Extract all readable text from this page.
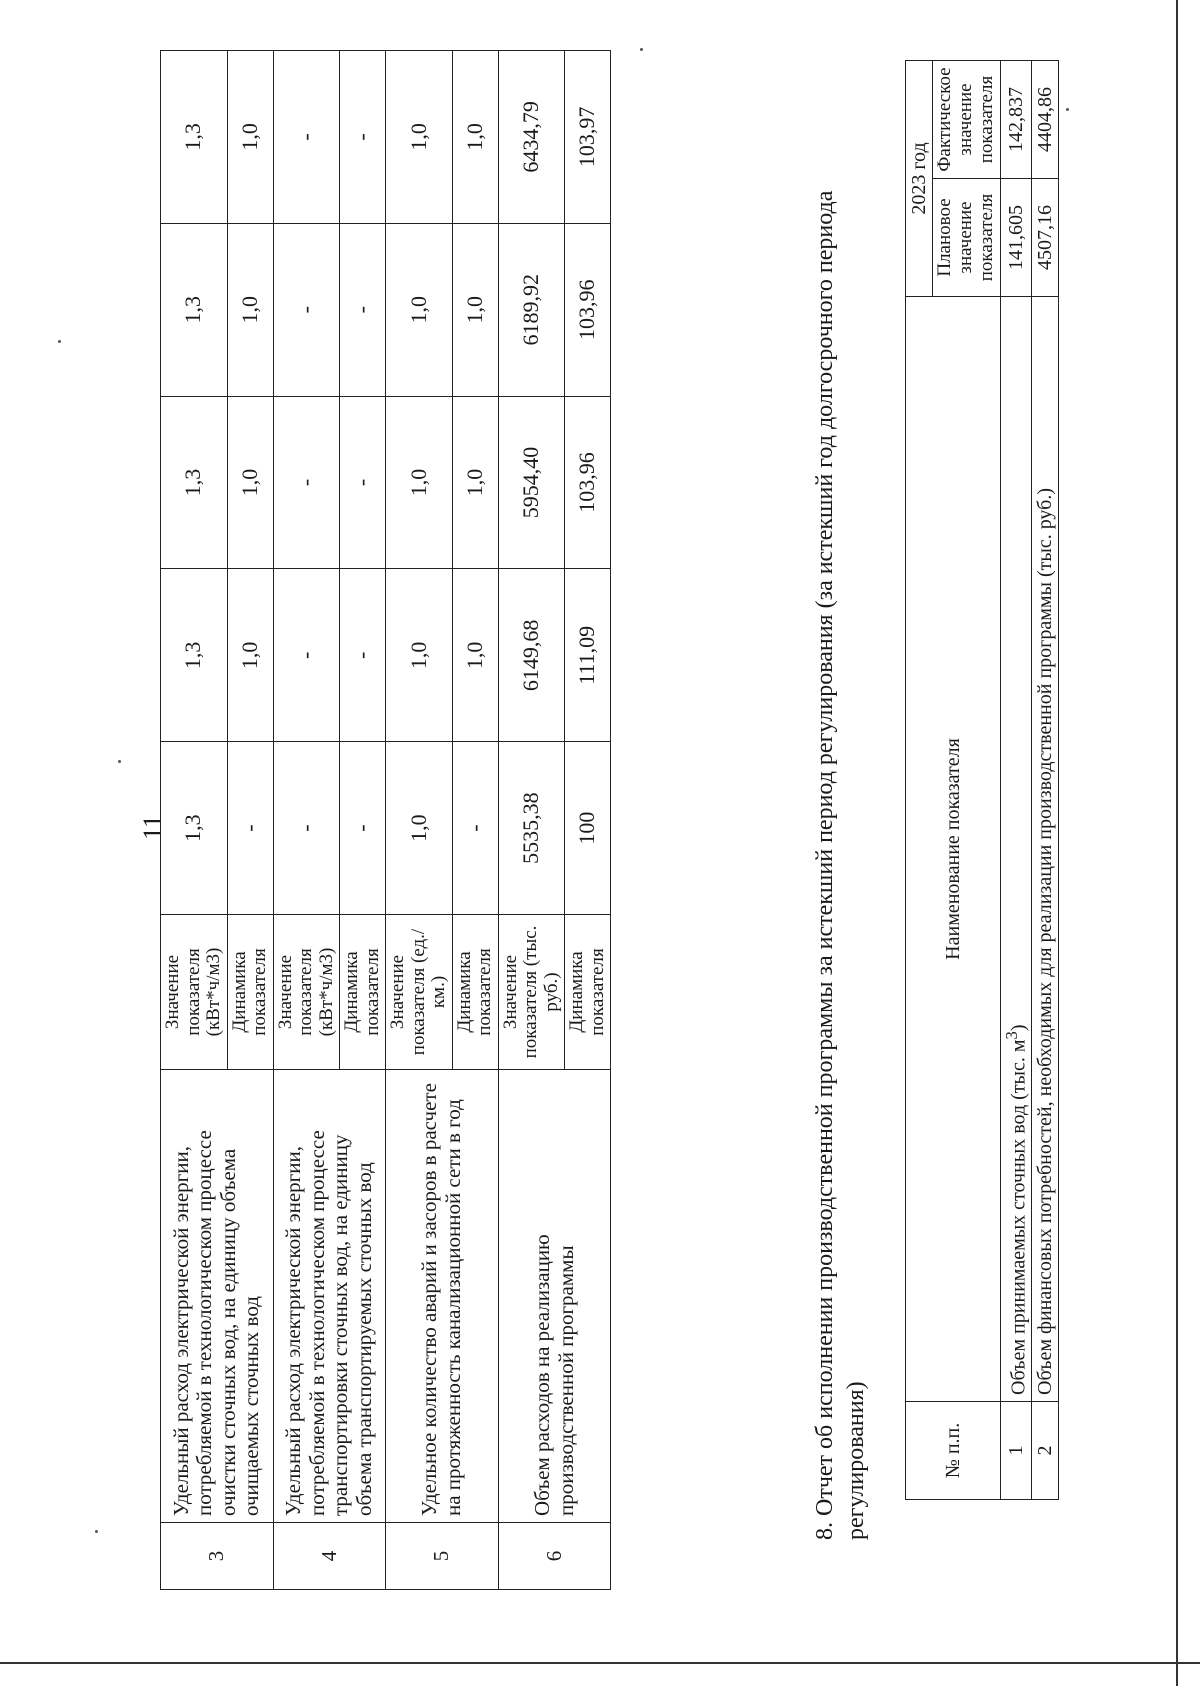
11
3	Удельный расход электрической энергии, потребляемой в технологическом процессе очистки сточных вод, на единицу объема очищаемых сточных вод	Значение показателя (кВт*ч/м3)	1,3	1,3	1,3	1,3	1,3
		Динамика показателя	-	1,0	1,0	1,0	1,0
4	Удельный расход электрической энергии, потребляемой в технологическом процессе транспортировки сточных вод, на единицу объема транспортируемых сточных вод	Значение показателя (кВт*ч/м3)	-	-	-	-	-
		Динамика показателя	-	-	-	-	-
5	Удельное количество аварий и засоров в расчете на протяженность канализационной сети в год	Значение показателя (ед./км.)	1,0	1,0	1,0	1,0	1,0
		Динамика показателя	-	1,0	1,0	1,0	1,0
6	Объем расходов на реализацию производственной программы	Значение показателя (тыс. руб.)	5535,38	6149,68	5954,40	6189,92	6434,79
		Динамика показателя	100	111,09	103,96	103,96	103,97
8. Отчет об исполнении производственной программы за истекший период регулирования (за истекший год долгосрочного периода регулирования)	№ п.п.	Наименование показателя	2023 год	
		Плановое значение показателя	Фактическое значение показателя
1	Объем принимаемых сточных вод (тыс. $м^3$)	141,605	142,837
2	Объем финансовых потребностей, необходимых для реализации производственной программы (тыс. руб.)	4507,16	4404,86
